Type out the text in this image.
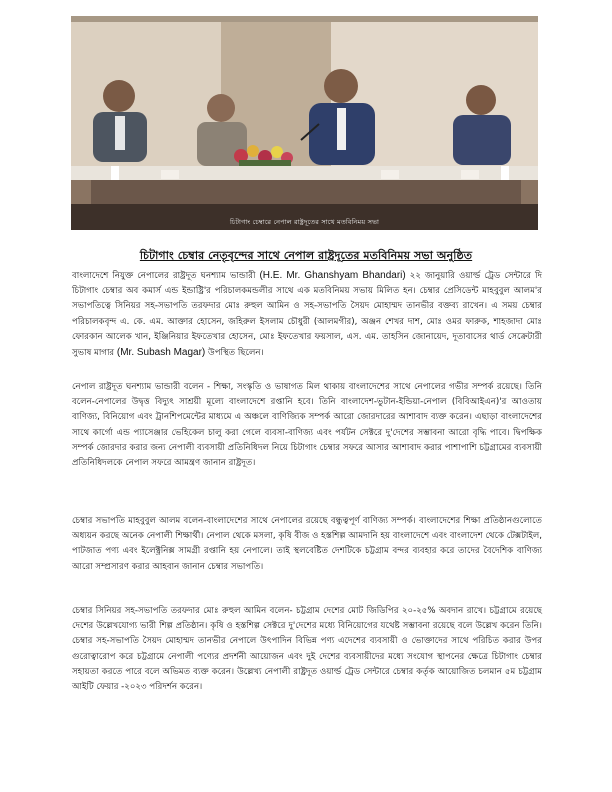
চিটাগাং চেম্বারে নেপাল রাষ্ট্রদূতের সাথে মতবিনিময় সভা
চিটাগাং চেম্বার নেতৃবৃন্দের সাথে নেপাল রাষ্ট্রদূতের মতবিনিময় সভা অনুষ্ঠিত

বাংলাদেশে নিযুক্ত নেপালের রাষ্ট্রদূত ঘনশ্যাম ভান্ডারী (H.E. Mr. Ghanshyam Bhandari) ২২ জানুয়ারি ওয়ার্ল্ড ট্রেড সেন্টারে দি চিটাগাং চেম্বার অব কমার্স এন্ড ইন্ডাষ্ট্রি'র পরিচালকমন্ডলীর সাথে এক মতবিনিময় সভায় মিলিত হন। চেম্বার প্রেসিডেন্ট মাহবুবুল আলম'র সভাপতিত্বে সিনিয়র সহ-সভাপতি তরফদার মোঃ রুহুল আমিন ও সহ-সভাপতি সৈয়দ মোহাম্মদ তানভীর বক্তব্য রাখেন। এ সময় চেম্বার পরিচালকবৃন্দ এ. কে. এম. আক্তার হোসেন, জহিরুল ইসলাম চৌধুরী (আলমগীর), অঞ্জন শেখর দাশ, মোঃ ওমর ফারুক, শাহজাদা মোঃ ফোরকান আলেক খান, ইঞ্জিনিয়ার ইফতেখার হোসেন, মোঃ ইফতেখার ফয়সাল, এস. এম. তাহসিন জোনায়েদ, দূতাবাসের থার্ড সেক্রেটারী সুভাষ মাগার (Mr. Subash Magar) উপস্থিত ছিলেন।

নেপাল রাষ্ট্রদূত ঘনশ্যাম ভান্ডারী বলেন - শিক্ষা, সংস্কৃতি ও ভাষাগত মিল থাকায় বাংলাদেশের সাথে নেপালের গভীর সম্পর্ক রয়েছে। তিনি বলেন-নেপালের উদ্বৃত্ত বিদ্যুৎ সাশ্রয়ী মূল্যে বাংলাদেশে রপ্তানি হবে। তিনি বাংলাদেশ-ভুটান-ইন্ডিয়া-নেপাল (বিবিআইএন)'র আওতায় বাণিজ্য, বিনিয়োগ এবং ট্রানশিপমেন্টের মাধ্যমে এ অঞ্চলে বাণিজ্যিক সম্পর্ক আরো জোরদারের আশাবাদ ব্যক্ত করেন। এছাড়া বাংলাদেশের সাথে কার্গো এন্ড প্যাসেঞ্জার ভেহিকেল চালু করা গেলে ব্যবসা-বাণিজ্য এবং পর্যটন সেক্টরে দু'দেশের সম্ভাবনা আরো বৃদ্ধি পাবে। দ্বিপক্ষিক সম্পর্ক জোরদার করার জন্য নেপালী ব্যবসায়ী প্রতিনিধিদল নিয়ে চিটাগাং চেম্বার সফরে আসার আশাবাদ করার পাশাপাশি চট্টগ্রামের ব্যবসায়ী প্রতিনিধিদলকে নেপাল সফরে আমন্ত্রণ জানান রাষ্ট্রদূত।

চেম্বার সভাপতি মাহবুবুল আলম বলেন-বাংলাদেশের সাথে নেপালের রয়েছে বন্ধুত্বপূর্ণ বাণিজ্য সম্পর্ক। বাংলাদেশের শিক্ষা প্রতিষ্ঠানগুলোতে অধ্যয়ন করছে অনেক নেপালী শিক্ষার্থী। নেপাল থেকে মসলা, কৃষি বীজ ও হস্তশিল্প আমদানি হয় বাংলাদেশে এবং বাংলাদেশ থেকে টেক্সটাইল, পাটজাত পণ্য এবং ইলেক্ট্রনিক্স সামগ্রী রপ্তানি হয় নেপালে। তাই স্থলবেষ্টিত দেশটিকে চট্টগ্রাম বন্দর ব্যবহার করে তাদের বৈদেশিক বাণিজ্য আরো সম্প্রসারণ করার আহবান জানান চেম্বার সভাপতি।

চেম্বার সিনিয়র সহ-সভাপতি তরফদার মোঃ রুহুল আমিন বলেন- চট্টগ্রাম দেশের মোট জিডিপির ২০-২৫% অবদান রাখে। চট্টগ্রামে রয়েছে দেশের উল্লেখযোগ্য ভারী শিল্প প্রতিষ্ঠান। কৃষি ও হস্তশিল্প সেক্টরে দু'দেশের মধ্যে বিনিয়োগের যথেষ্ট সম্ভাবনা রয়েছে বলে উল্লেখ করেন তিনি। চেম্বার সহ-সভাপতি সৈয়দ মোহাম্মদ তানভীর নেপালে উৎপাদিন বিভিন্ন পণ্য এদেশের ব্যবসায়ী ও ভোক্তাদের সাথে পরিচিত করার উপর গুরোত্বারোপ করে চট্টগ্রামে নেপালী পণ্যের প্রদর্শনী আয়োজন এবং দুই দেশের ব্যবসায়ীদের মধ্যে সংযোগ স্থাপনের ক্ষেত্রে চিটাগাং চেম্বার সহায়তা করতে পারে বলে অভিমত ব্যক্ত করেন। উল্লেখ্য নেপালী রাষ্ট্রদূত ওয়ার্ল্ড ট্রেড সেন্টারে চেম্বার কর্তৃক আয়োজিত চলমান ৫ম চট্টগ্রাম আইটি ফেয়ার -২০২৩ পরিদর্শন করেন।
